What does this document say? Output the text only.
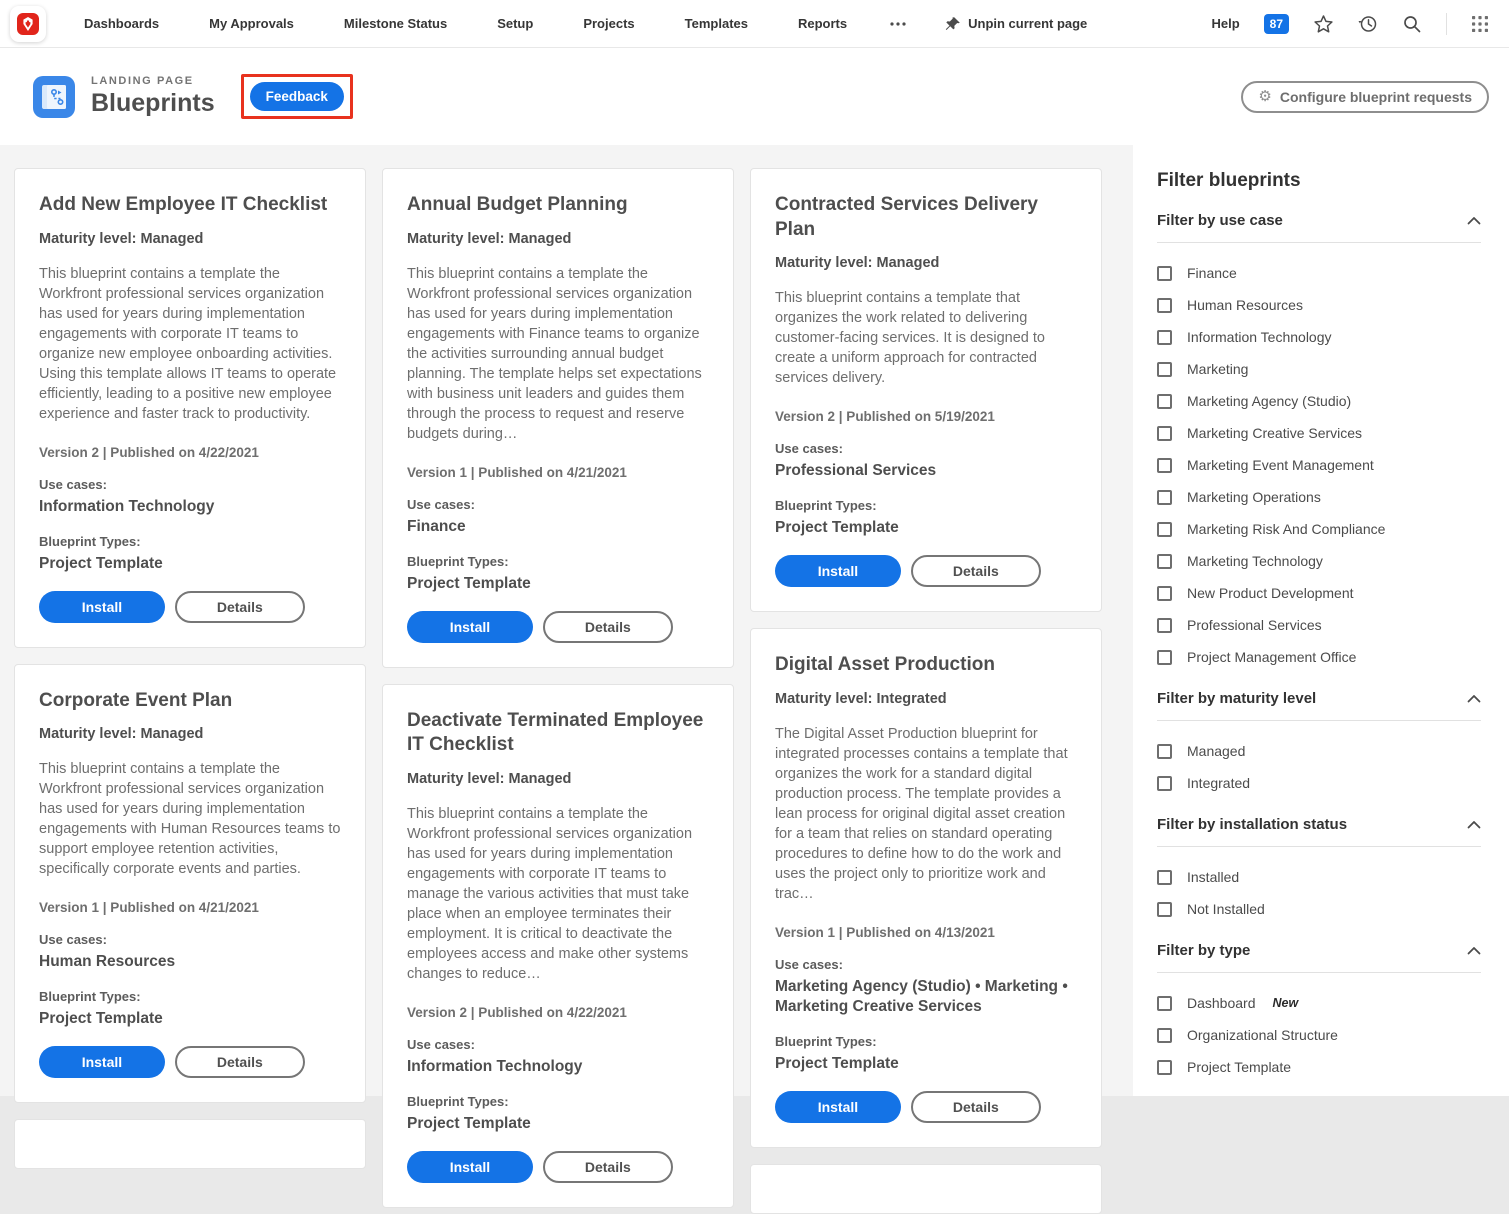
Dashboards	My Approvals	Milestone Status	Setup	Projects	Templates	Reports	Unpin current page	Help	87
LANDING PAGE
Blueprints	Feedback	⚙ Configure blueprint requests
Add New Employee IT Checklist
Maturity level: Managed

This blueprint contains a template the Workfront professional services organization has used for years during implementation engagements with corporate IT teams to organize new employee onboarding activities. Using this template allows IT teams to operate efficiently, leading to a positive new employee experience and faster track to productivity.

Version 2 | Published on 4/22/2021
Use cases:
Information Technology
Blueprint Types:
Project Template
Install	Details
Corporate Event Plan
Maturity level: Managed

This blueprint contains a template the Workfront professional services organization has used for years during implementation engagements with Human Resources teams to support employee retention activities, specifically corporate events and parties.

Version 1 | Published on 4/21/2021
Use cases:
Human Resources
Blueprint Types:
Project Template
Install	Details
Annual Budget Planning
Maturity level: Managed

This blueprint contains a template the Workfront professional services organization has used for years during implementation engagements with Finance teams to organize the activities surrounding annual budget planning. The template helps set expectations with business unit leaders and guides them through the process to request and reserve budgets during…

Version 1 | Published on 4/21/2021
Use cases:
Finance
Blueprint Types:
Project Template
Install	Details
Deactivate Terminated Employee IT Checklist
Maturity level: Managed

This blueprint contains a template the Workfront professional services organization has used for years during implementation engagements with corporate IT teams to manage the various activities that must take place when an employee terminates their employment. It is critical to deactivate the employees access and make other systems changes to reduce…

Version 2 | Published on 4/22/2021
Use cases:
Information Technology
Blueprint Types:
Project Template
Install	Details
Contracted Services Delivery Plan
Maturity level: Managed

This blueprint contains a template that organizes the work related to delivering customer-facing services. It is designed to create a uniform approach for contracted services delivery.

Version 2 | Published on 5/19/2021
Use cases:
Professional Services
Blueprint Types:
Project Template
Install	Details
Digital Asset Production
Maturity level: Integrated

The Digital Asset Production blueprint for integrated processes contains a template that organizes the work for a standard digital production process. The template provides a lean process for original digital asset creation for a team that relies on standard operating procedures to define how to do the work and uses the project only to prioritize work and trac…

Version 1 | Published on 4/13/2021
Use cases:
Marketing Agency (Studio) • Marketing • Marketing Creative Services
Blueprint Types:
Project Template
Install	Details
Filter blueprints
Filter by use case
Finance
Human Resources
Information Technology
Marketing
Marketing Agency (Studio)
Marketing Creative Services
Marketing Event Management
Marketing Operations
Marketing Risk And Compliance
Marketing Technology
New Product Development
Professional Services
Project Management Office
Filter by maturity level
Managed
Integrated
Filter by installation status
Installed
Not Installed
Filter by type
Dashboard New
Organizational Structure
Project Template
